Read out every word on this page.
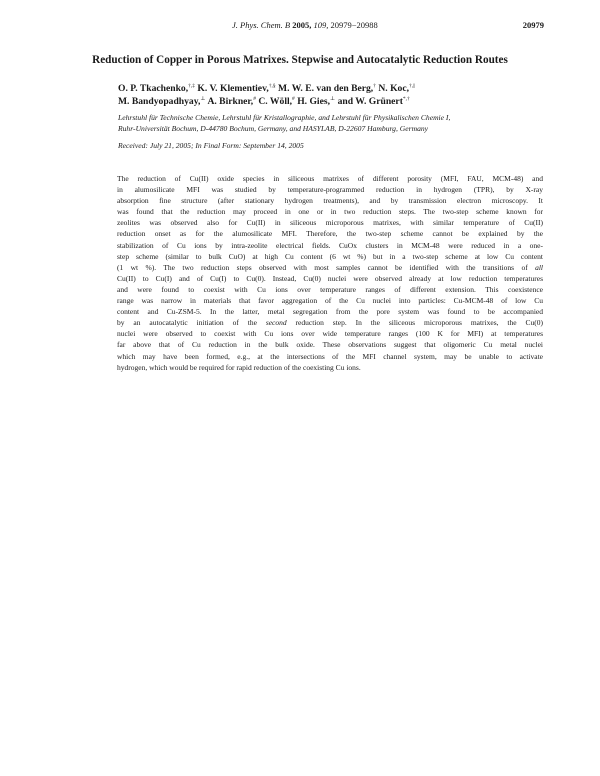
J. Phys. Chem. B 2005, 109, 20979−20988	20979
Reduction of Copper in Porous Matrixes. Stepwise and Autocatalytic Reduction Routes
O. P. Tkachenko,†,‡ K. V. Klementiev,†,§ M. W. E. van den Berg,† N. Koc,†,||
M. Bandyopadhyay,⊥ A. Birkner,# C. Wöll,# H. Gies,⊥ and W. Grünert*,†
Lehrstuhl für Technische Chemie, Lehrstuhl für Kristallographie, and Lehrstuhl für Physikalischen Chemie I,
Ruhr-Universität Bochum, D-44780 Bochum, Germany, and HASYLAB, D-22607 Hamburg, Germany
Received: July 21, 2005; In Final Form: September 14, 2005

The reduction of Cu(II) oxide species in siliceous matrixes of different porosity (MFI, FAU, MCM-48) and
in alumosilicate MFI was studied by temperature-programmed reduction in hydrogen (TPR), by X-ray
absorption fine structure (after stationary hydrogen treatments), and by transmission electron microscopy. It
was found that the reduction may proceed in one or in two reduction steps. The two-step scheme known for
zeolites was observed also for Cu(II) in siliceous microporous matrixes, with similar temperature of Cu(II)
reduction onset as for the alumosilicate MFI. Therefore, the two-step scheme cannot be explained by the
stabilization of Cu ions by intra-zeolite electrical fields. CuOx clusters in MCM-48 were reduced in a one-
step scheme (similar to bulk CuO) at high Cu content (6 wt %) but in a two-step scheme at low Cu content
(1 wt %). The two reduction steps observed with most samples cannot be identified with the transitions of all
Cu(II) to Cu(I) and of Cu(I) to Cu(0). Instead, Cu(0) nuclei were observed already at low reduction temperatures
and were found to coexist with Cu ions over temperature ranges of different extension. This coexistence
range was narrow in materials that favor aggregation of the Cu nuclei into particles: Cu-MCM-48 of low Cu
content and Cu-ZSM-5. In the latter, metal segregation from the pore system was found to be accompanied
by an autocatalytic initiation of the second reduction step. In the siliceous microporous matrixes, the Cu(0)
nuclei were observed to coexist with Cu ions over wide temperature ranges (100 K for MFI) at temperatures
far above that of Cu reduction in the bulk oxide. These observations suggest that oligomeric Cu metal nuclei
which may have been formed, e.g., at the intersections of the MFI channel system, may be unable to activate
hydrogen, which would be required for rapid reduction of the coexisting Cu ions.
